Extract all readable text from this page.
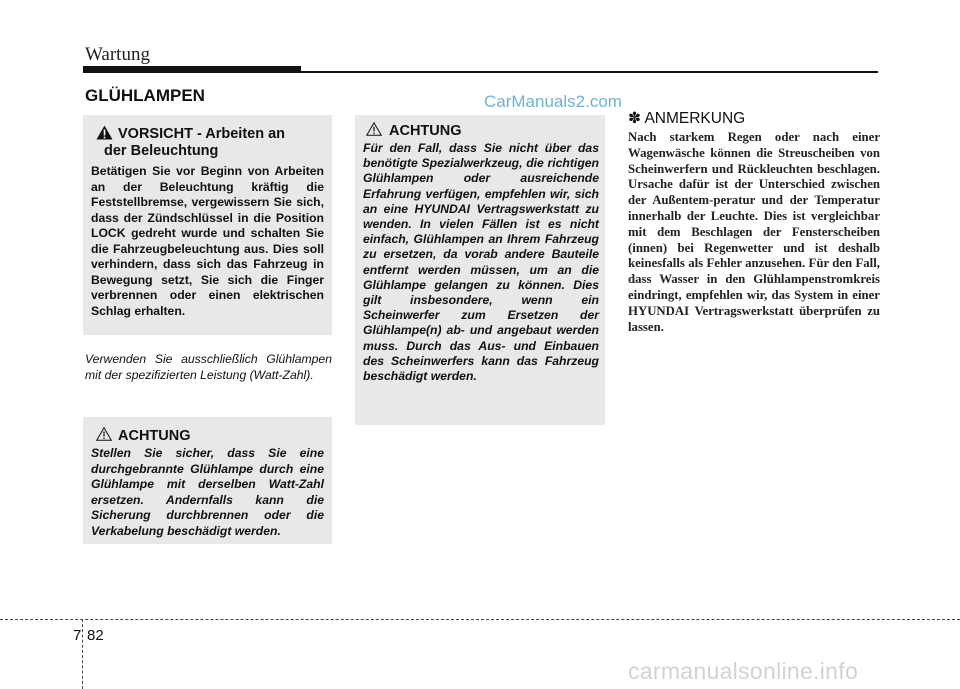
Wartung
GLÜHLAMPEN	CarManuals2.com
VORSICHT - Arbeiten an
der Beleuchtung
Betätigen Sie vor Beginn von Arbeiten an der Beleuchtung kräftig die Feststellbremse, vergewissern Sie sich, dass der Zündschlüssel in die Position LOCK gedreht wurde und schalten Sie die Fahrzeugbeleuchtung aus. Dies soll verhindern, dass sich das Fahrzeug in Bewegung setzt, Sie sich die Finger verbrennen oder einen elektrischen Schlag erhalten.
Verwenden Sie ausschließlich Glühlampen mit der spezifizierten Leistung (Watt-Zahl).
ACHTUNG
Stellen Sie sicher, dass Sie eine durchgebrannte Glühlampe durch eine Glühlampe mit derselben Watt-Zahl ersetzen. Andernfalls kann die Sicherung durchbrennen oder die Verkabelung beschädigt werden.
ACHTUNG
Für den Fall, dass Sie nicht über das benötigte Spezialwerkzeug, die richtigen Glühlampen oder ausreichende Erfahrung verfügen, empfehlen wir, sich an eine HYUNDAI Vertragswerkstatt zu wenden. In vielen Fällen ist es nicht einfach, Glühlampen an Ihrem Fahrzeug zu ersetzen, da vorab andere Bauteile entfernt werden müssen, um an die Glühlampe gelangen zu können. Dies gilt insbesondere, wenn ein Scheinwerfer zum Ersetzen der Glühlampe(n) ab- und angebaut werden muss. Durch das Aus- und Einbauen des Scheinwerfers kann das Fahrzeug beschädigt werden.
✽ ANMERKUNG
Nach starkem Regen oder nach einer Wagenwäsche können die Streuscheiben von Scheinwerfern und Rückleuchten beschlagen. Ursache dafür ist der Unterschied zwischen der Außentem-peratur und der Temperatur innerhalb der Leuchte. Dies ist vergleichbar mit dem Beschlagen der Fensterscheiben (innen) bei Regenwetter und ist deshalb keinesfalls als Fehler anzusehen. Für den Fall, dass Wasser in den Glühlampenstromkreis eindringt, empfehlen wir, das System in einer HYUNDAI Vertragswerkstatt überprüfen zu lassen.
7 82
carmanualsonline.info
